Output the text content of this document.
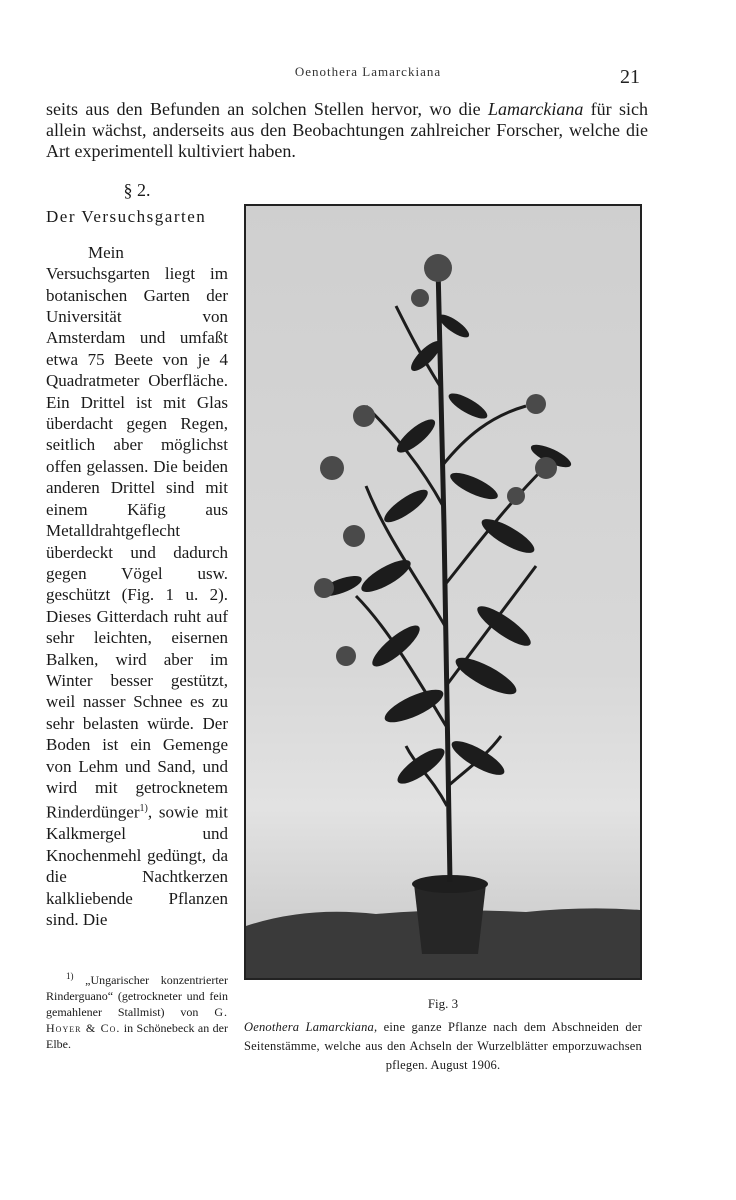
Oenothera Lamarckiana	21

seits aus den Befunden an solchen Stellen hervor, wo die Lamarckiana für sich allein wächst, anderseits aus den Beobachtungen zahlreicher Forscher, welche die Art experimentell kultiviert haben.

§ 2.
Der Versuchsgarten

Mein Versuchsgarten liegt im botanischen Garten der Universität von Amsterdam und umfaßt etwa 75 Beete von je 4 Quadratmeter Oberfläche. Ein Drittel ist mit Glas überdacht gegen Regen, seitlich aber möglichst offen gelassen. Die beiden anderen Drittel sind mit einem Käfig aus Metalldrahtgeflecht überdeckt und dadurch gegen Vögel usw. geschützt (Fig. 1 u. 2). Dieses Gitterdach ruht auf sehr leichten, eisernen Balken, wird aber im Winter besser gestützt, weil nasser Schnee es zu sehr belasten würde. Der Boden ist ein Gemenge von Lehm und Sand, und wird mit getrocknetem Rinderdünger$^{1)}$, sowie mit Kalkmergel und Knochenmehl gedüngt, da die Nachtkerzen kalkliebende Pflanzen sind. Die

$^{1)}$ „Ungarischer konzentrierter Rinderguano“ (getrockneter und fein gemahlener Stallmist) von G. Hoyer & Co. in Schönebeck an der Elbe.

Fig. 3

Oenothera Lamarckiana, eine ganze Pflanze nach dem Abschneiden der Seitenstämme, welche aus den Achseln der Wurzelblätter emporzuwachsen pflegen. August 1906.
